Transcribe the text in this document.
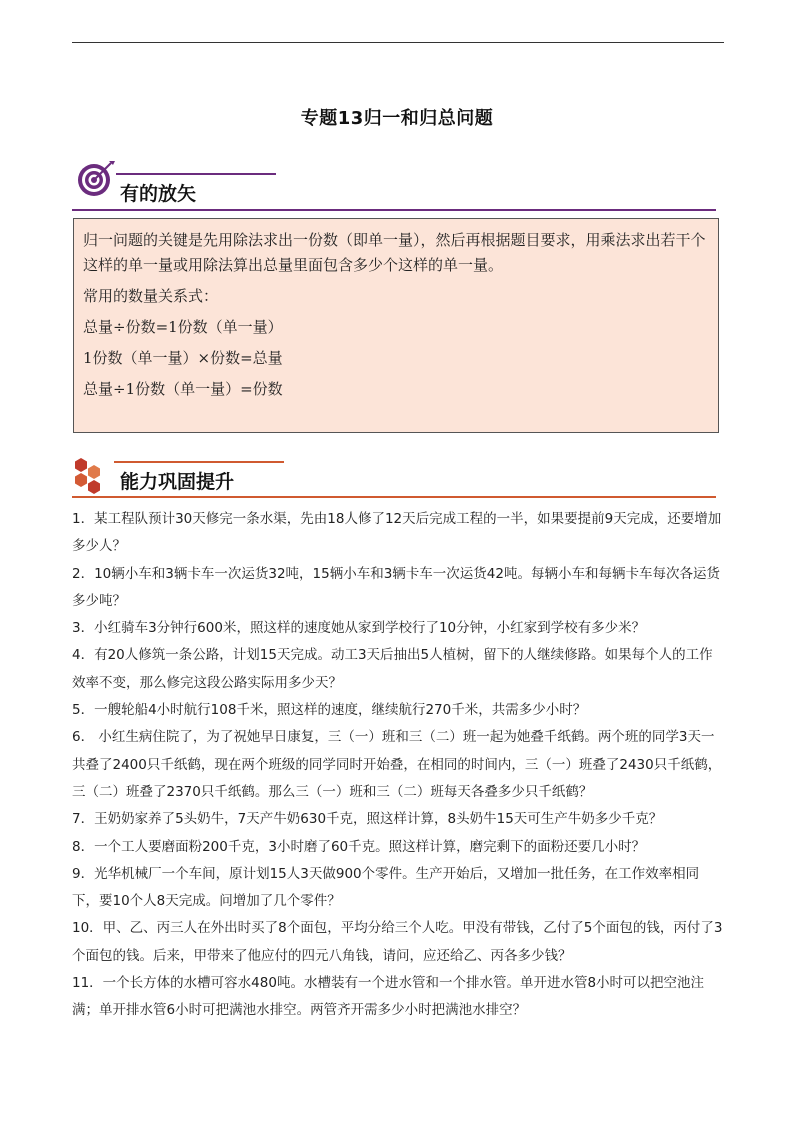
专题13归一和归总问题
有的放矢

归一问题的关键是先用除法求出一份数（即单一量），然后再根据题目要求，用乘法求出若干个这样的单一量或用除法算出总量里面包含多少个这样的单一量。

常用的数量关系式：

总量÷份数=1份数（单一量）

1份数（单一量）×份数=总量

总量÷1份数（单一量）=份数

能力巩固提升

1．某工程队预计30天修完一条水渠，先由18人修了12天后完成工程的一半，如果要提前9天完成，还要增加多少人？

2．10辆小车和3辆卡车一次运货32吨，15辆小车和3辆卡车一次运货42吨。每辆小车和每辆卡车每次各运货多少吨？

3．小红骑车3分钟行600米，照这样的速度她从家到学校行了10分钟，小红家到学校有多少米？

4．有20人修筑一条公路，计划15天完成。动工3天后抽出5人植树，留下的人继续修路。如果每个人的工作效率不变，那么修完这段公路实际用多少天？

5．一艘轮船4小时航行108千米，照这样的速度，继续航行270千米，共需多少小时？

6． 小红生病住院了，为了祝她早日康复，三（一）班和三（二）班一起为她叠千纸鹤。两个班的同学3天一共叠了2400只千纸鹤，现在两个班级的同学同时开始叠，在相同的时间内，三（一）班叠了2430只千纸鹤，三（二）班叠了2370只千纸鹤。那么三（一）班和三（二）班每天各叠多少只千纸鹤？

7．王奶奶家养了5头奶牛，7天产牛奶630千克，照这样计算，8头奶牛15天可生产牛奶多少千克？

8．一个工人要磨面粉200千克，3小时磨了60千克。照这样计算，磨完剩下的面粉还要几小时？

9．光华机械厂一个车间，原计划15人3天做900个零件。生产开始后，又增加一批任务，在工作效率相同下，要10个人8天完成。问增加了几个零件？

10．甲、乙、丙三人在外出时买了8个面包，平均分给三个人吃。甲没有带钱，乙付了5个面包的钱，丙付了3个面包的钱。后来，甲带来了他应付的四元八角钱，请问，应还给乙、丙各多少钱？

11．一个长方体的水槽可容水480吨。水槽装有一个进水管和一个排水管。单开进水管8小时可以把空池注满；单开排水管6小时可把满池水排空。两管齐开需多少小时把满池水排空？
